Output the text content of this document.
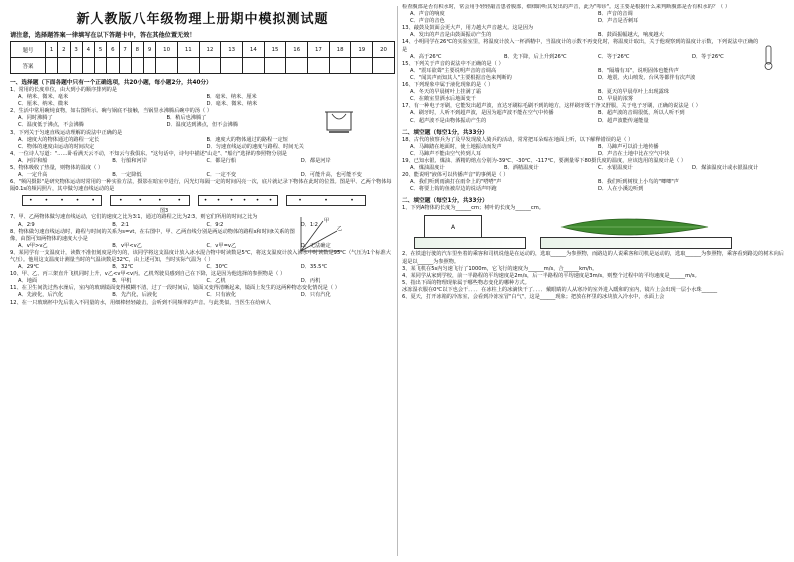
新人教版八年级物理上册期中模拟测试题
请注意，选择题答案一律填写在以下答题卡中，答在其他位置无效！
题号	1	2	3	4	5	6	7	8	9	10	11	12	13	14	15	16	17	18	19	20
答案																				
一、选择题（下面各题中只有一个正确选项，共20小题，每小题2分，共40分）

1、常用的长度单位，由大到小的顺序排列的是

A．纳米、微米、毫米	B．毫米、纳米、厘米
C．厘米、纳米、微米	D．毫米、微米、纳米

2、生活中常用碗炖食物，如右图所示。碗与锅底不接触，当锅里水沸腾后碗中的汤（ ）

A．同时沸腾了	B．稍后也沸腾了
C．温度低于沸点，不会沸腾	D．温度达到沸点，但不会沸腾

3、下列关于匀速直线运动理解的说法中正确的是

A．速度大的物体通过的路程一定长	B．速度大的物体通过的路程一定短
C．物体的速度由运动的时间决定	D．匀速直线运动的速度与路程、时间无关

4、一位诗人写道："……卧看满天云不动，不知云与我俱东。"这句话中，诗句中描述"山走"、"船行"选择的参照物分别是

A．河岸和船	B．行船和河岸	C．都是行船	D．都是河岸

5、物体吸收了热量，则物体的温度（ ）

A．一定升高	B．一定降低	C．一定不变	D．可能升高，也可能不变

6、"频闪摄影"是研究物体运动时常用的一种实验方法，摄影在暗室中进行，闪光灯每隔一定的时间闪亮一次，底片就记录下物体在此时的位置。图是甲、乙两个物体每隔0.1s的频闪照片，其中做匀速直线运动的是

• • • • •	•	•	•	•	• • • • • •	•	•	•
图3

7、甲、乙两物体做匀速直线运动，它们的速度之比为3∶1，通过的路程之比为2∶3，则它们所用的时间之比为

A．2∶9	B．2∶1	C．9∶2	D．1∶2
甲
乙

8、物体做匀速直线运动时，路程与时间的关系为s=vt，在右图中，甲、乙两直线分别是两运动物体的路程s和时间t关系的图像，由图可知两物体的速度大小是

A．v甲>v乙	B．v甲<v乙	C．v甲=v乙	D．无法确定

9、某同学有一支温度计，读数不准但刻度是均匀的，该同学将这支温度计放入冰水混合物中时读数是5℃，将这支温度计放入沸水中时读数是95℃（气压为1个标准大气压）。他用这支温度计测量当时的气温读数是32℃，由上述可知，当时实际气温为（ ）

A．29℃	B．32℃	C．30℃	D．35.5℃

10、甲、乙、丙三架直升飞机同时上升，v乙<v甲<v丙。乙机驾驶员感到自己在下降，这是因为他选择的参照物是（ ）

A．地面	B．甲机	C．乙机	D．丙机

11、在卫生间洗过热水澡后，室内的玻璃镜面变得模糊不清，过了一段时间后，镜面又变得清晰起来，镜面上发生的这两种物态变化情况是（ ）

A．先液化，后汽化	B．先汽化，后液化	C．只有液化	D．只有汽化

12、在一只玻璃杯中先后装入不同量的水，用细棒轻轻敲击，会听到不同频率的声音。与此类似，当医生在给病人

检查腹部是否有积水时，常会用手轻轻敲击患者腹部，细细聆听其发出的声音，此为"叩诊"。这主要是根据什么来判断腹部是否有积水的？（ ）

A．声音的响度	B．声音的音调
C．声音的音色	D．声音是否刺耳

13、敲鼓及鼓面会更大声，用力越大声音越大。这是因为

A．发出的声音是由鼓面振动产生的	B．鼓面振幅越大，响度越大

14、小明同学在26℃的实验室里，将温度计放入一杯酒精中，当温度计的示数不再变化时，将温度计取出，关于他观察到的温度计示数，下列说法中正确的是

A．高于26℃	B．先下降，后上升到26℃	C．等于26℃	D．等于26℃

15、下列关于声音的说法中不正确的是（ ）

A．"震耳欲聋"主要说明声音的音调高	B．"隔墙有耳"，说明固体也能传声
C．"闻其声而知其人"主要根据音色来判断的	D．地震、火山喷发、台风等都伴有次声波

16、下列现象中属于液化现象的是（ ）

A．冬天的早晨树叶上挂满了霜	B．夏天的早晨草叶上出现露珠
C．在敞室里洒水后地面变干	D．早晨的浓雾

17、有一种电子牙刷，它能发出超声波，直达牙刷棕毛刷不到的地方，这样刷牙既干净又舒服，关于电子牙刷，正确的说法是（ ）

A．刷牙时，人听不到超声波，是因为超声波不能在空气中传播	B．超声波的音调很低，所以人听不到
C．超声波不是由物体振动产生的	D．超声波能传递能量
二、填空题（每空1分，共33分）

18、古代的侦察兵为了及早发现敌人骑兵的活动，常常把耳朵贴在地面上听，以下解释错误的是（ ）

A．马蹄踏在地面时，使土地振动而发声	B．马蹄声可以沿土地传播
C．马蹄声不能由空气传到人耳	D．声音在土地中比在空气中快

19、已知水银、煤油、酒精的熔点分别为-39℃、-30℃、-117℃，要测量零下80摄氏度的温度，应该选用的温度计是（ ）

A．煤油温度计	B．酒精温度计	C．水银温度计	D．煤油温度计或水银温度计

20、能说明"液体可以传播声音"的事例是（ ）

A．我们听到雨滴打在雨伞上的"嗒嗒"声	B．我们听到树枝上小鸟的"唧唧"声
C．将要上钩的鱼被岸边的说话声吓跑	D．人在小溪边听到
二、填空题（每空1分，共33分）

1、下列A物体的长度为______cm；树叶的长度为______cm。

A

2、在铁道行驶的汽车里坐着的乘客和司机说他是在运动的，选取______为参照物，而路边的人说乘客和司机是运动的，选取______为参照物，乘客看到路边的树木向后退是以______为参照物。

3、某飞机在5s内匀速飞行了1000m，它飞行的速度为______m/s，合______km/h。

4、某同学从家到学校，前一半路程的平均速度是2m/s，后一半路程的平均速度是3m/s，则整个过程中的平均速度是______m/s。

5、指出下面的物理现象属于哪些物态变化的哪种方式。

冰冻湿衣服在0℃以下也会干．．．．在冰柱上的冰滴快干了．．．．戴眼睛的人从寒冷的室外进入暖和的室内，镜片上会出现一层小水珠______

6、夏天，打开冰箱的冷冻室，会看到冷冻室冒"白气"，这是______现象；把放在杯里的冰块放入冷水中，水面上会
